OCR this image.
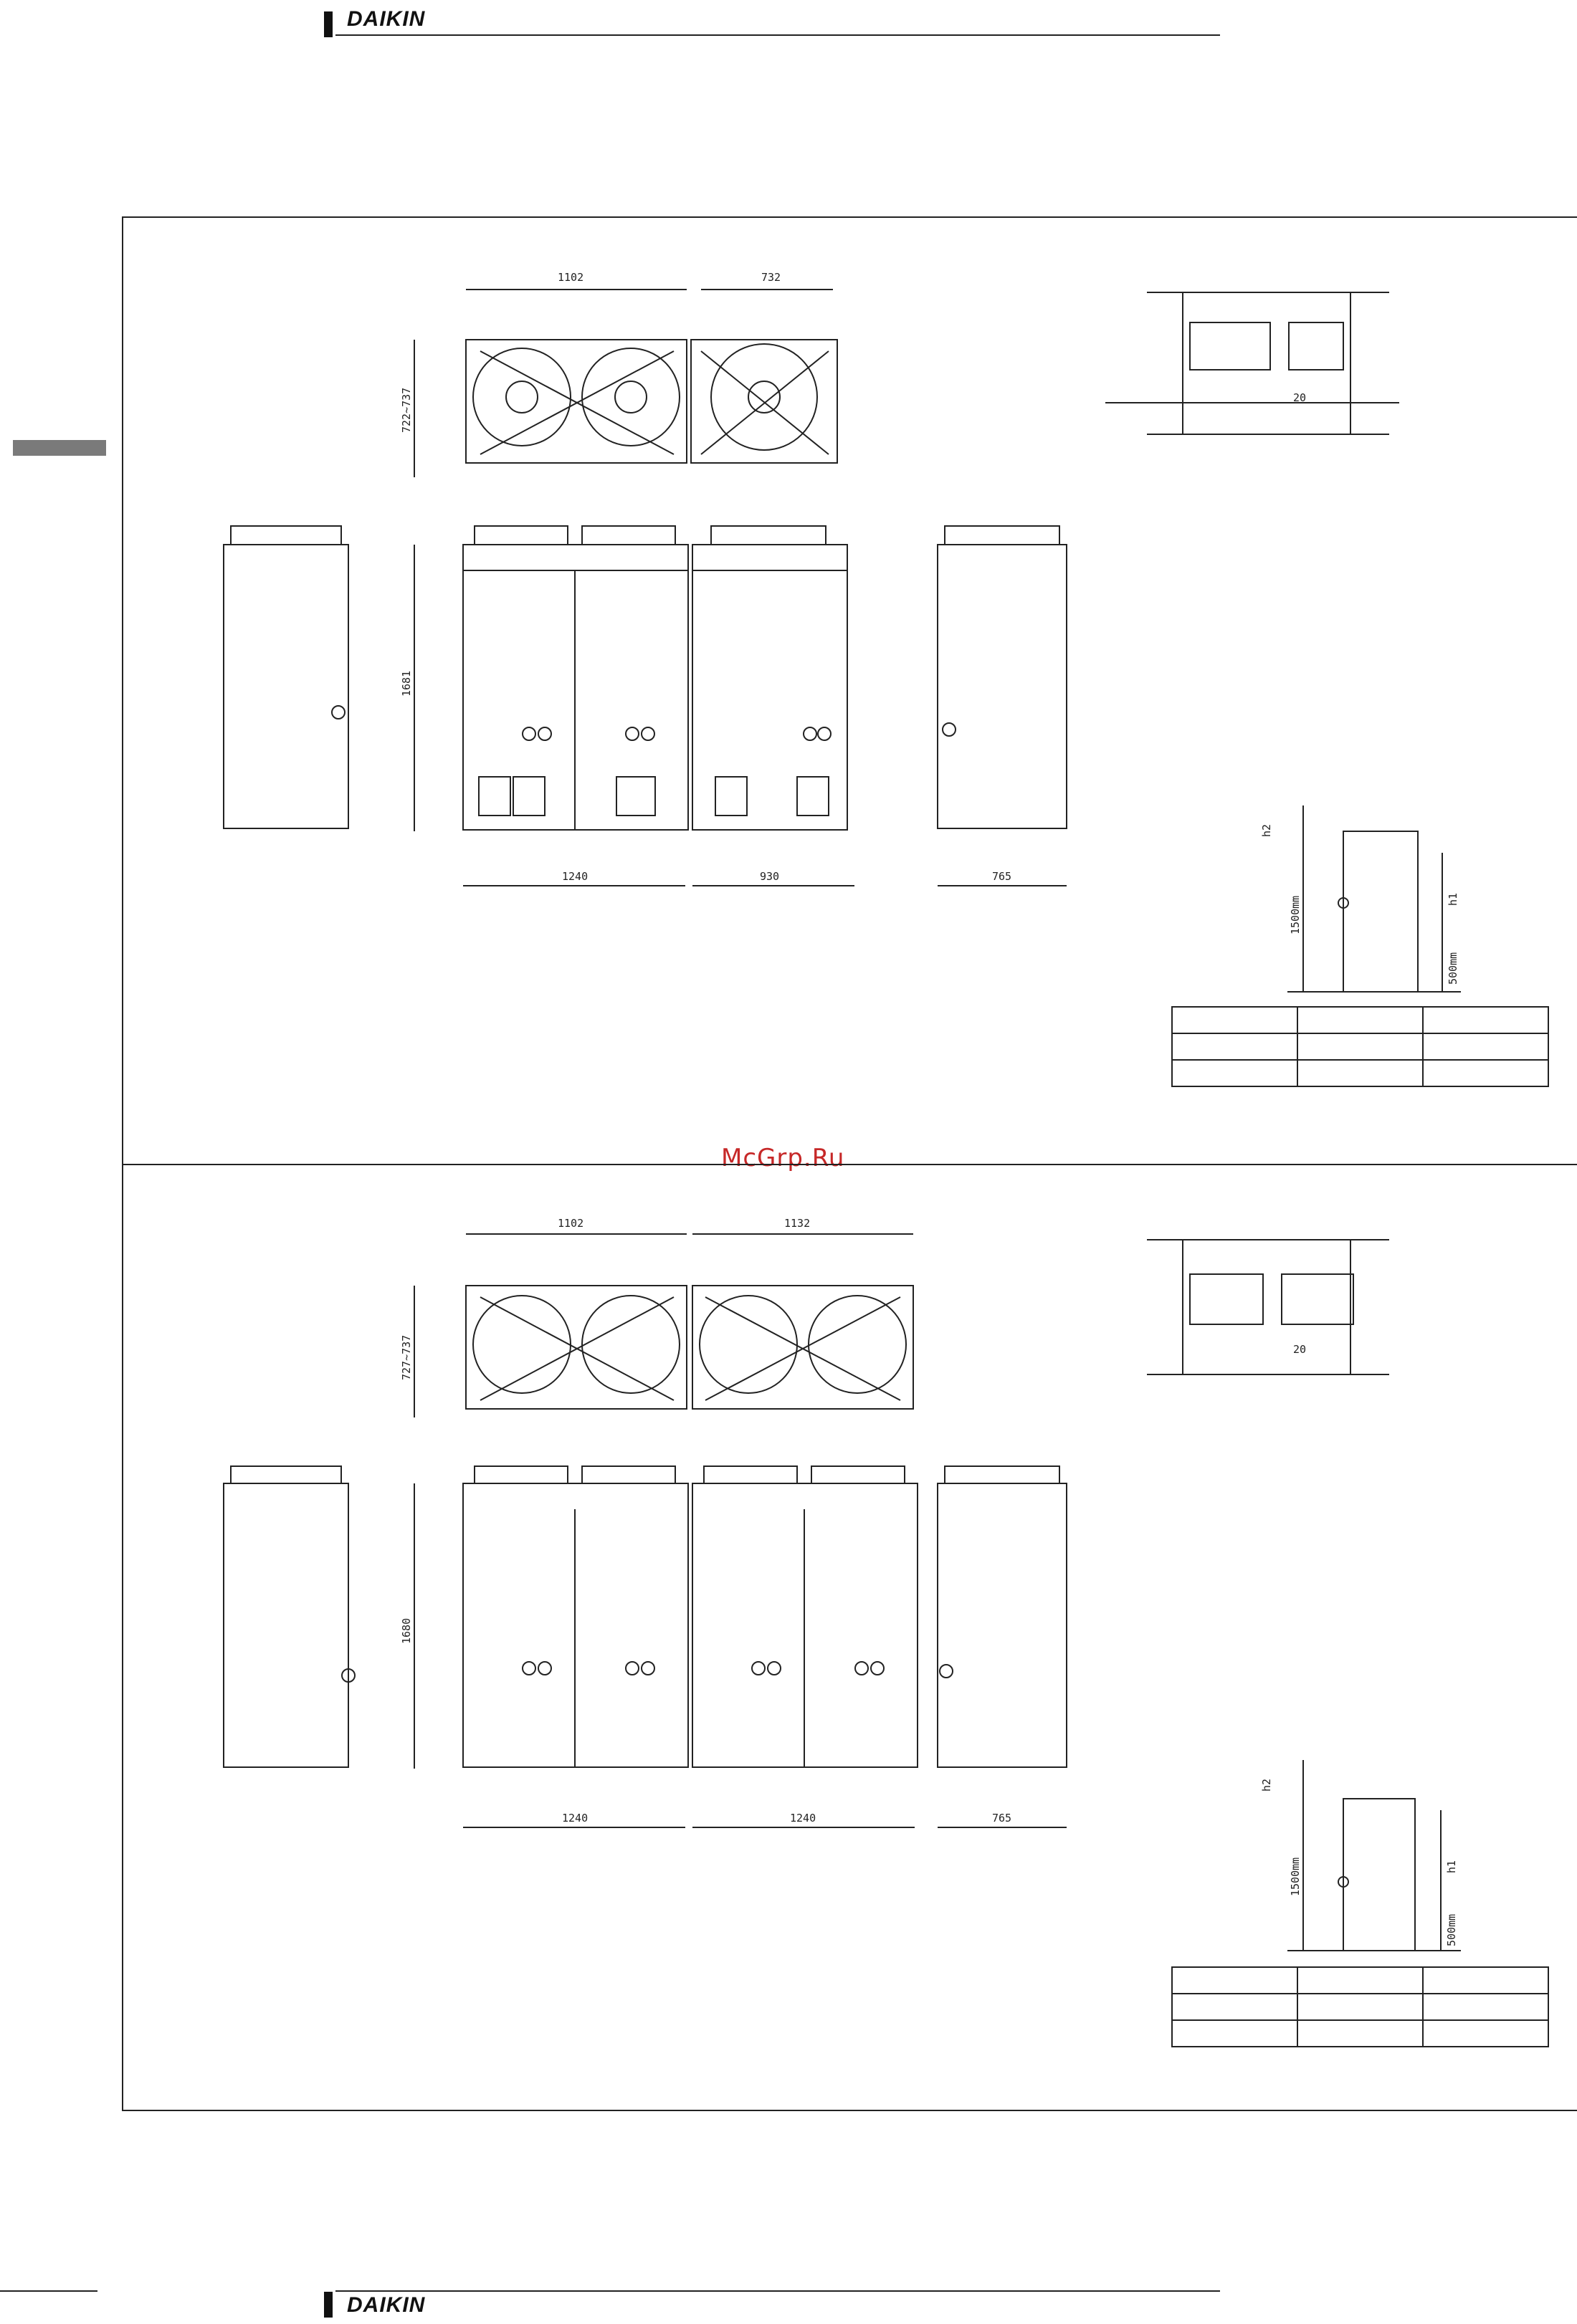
DAIKIN
1102	732
722~737
1681
1240	930	765
20
1500mm
h2
h1
500mm

McGrp.Ru
1102	1132
727~737
1680
1240	1240	765
20
1500mm
h2
h1
500mm

DAIKIN
